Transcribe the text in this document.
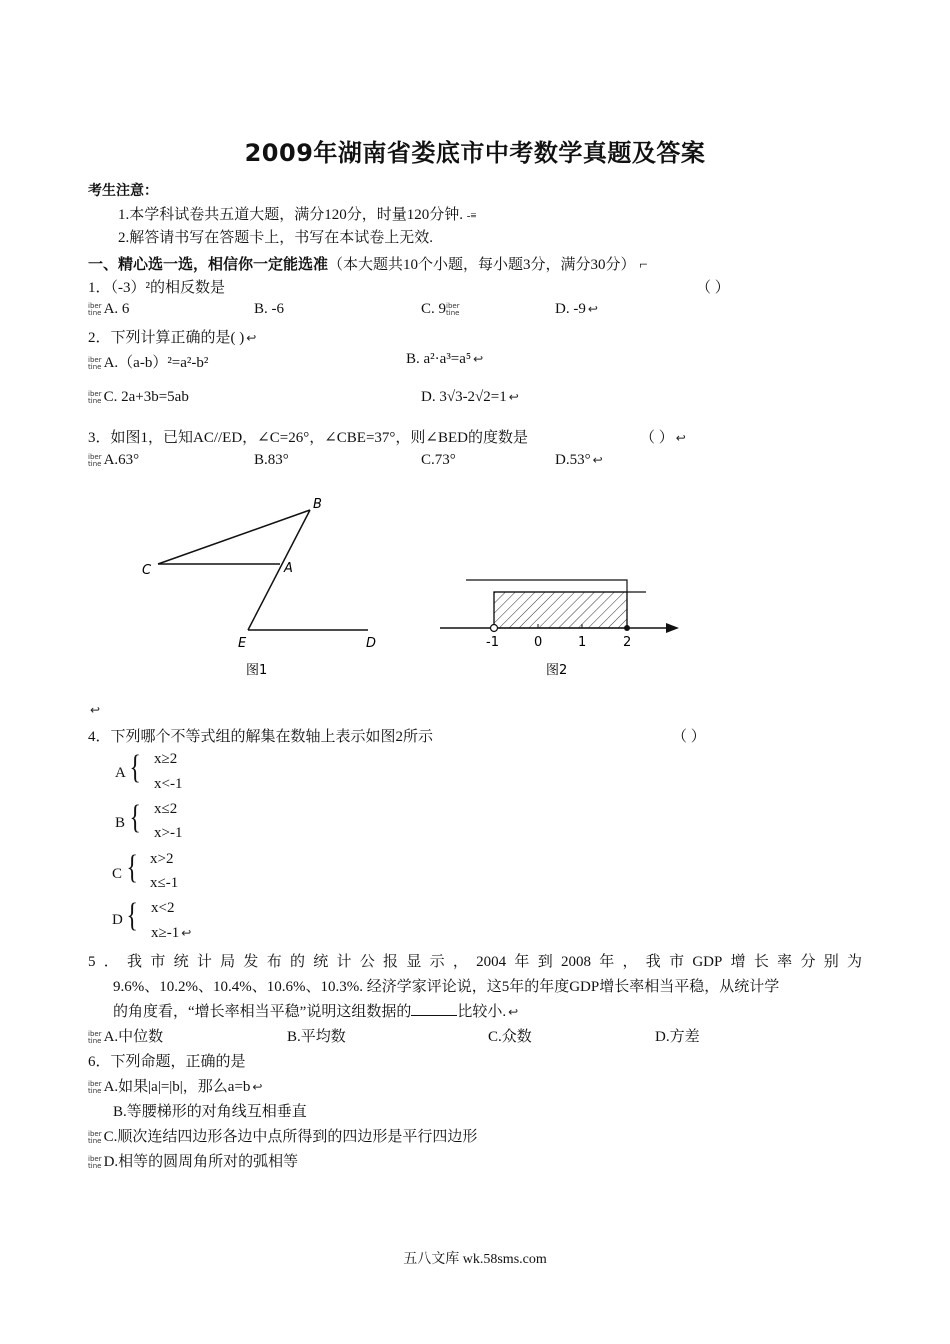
2009年湖南省娄底市中考数学真题及答案
考生注意：
1.本学科试卷共五道大题，满分120分，时量120分钟. -≡
2.解答请书写在答题卡上，书写在本试卷上无效.
一、精心选一选，相信你一定能选准（本大题共10个小题，每小题3分，满分30分） ⌐
1．（-3）²的相反数是	（ ）
iber
tine A. 6	B. -6	C. 9 iber
tine	D. -9 ↩
2．下列计算正确的是( ) ↩
iber
tine A.（a-b）²=a²-b²	B. a²·a³=a⁵ ↩
iber
tine C. 2a+3b=5ab	D. 3√3-2√2=1 ↩
3．如图1，已知AC//ED，∠C=26°，∠CBE=37°，则∠BED的度数是	（ ） ↩
iber
tine A.63°	B.83°	C.73°	D.53° ↩
B
C	A
E	D
图1
-1	0	1	2
图2
↩
4．下列哪个不等式组的解集在数轴上表示如图2所示	（ ）
A { x≥2
x<-1
B { x≤2
x>-1
C { x>2
x≤-1
D { x<2
x≥-1 ↩
5．我市统计局发布的统计公报显示，2004年到2008年，我市GDP增长率分别为
9.6%、10.2%、10.4%、10.6%、10.3%. 经济学家评论说，这5年的年度GDP增长率相当平稳，从统计学
的角度看，“增长率相当平稳”说明这组数据的	比较小. ↩
iber
tine A.中位数	B.平均数	C.众数	D.方差
6．下列命题，正确的是
iber
tine A.如果|a|=|b|，那么a=b ↩
B.等腰梯形的对角线互相垂直
iber
tine C.顺次连结四边形各边中点所得到的四边形是平行四边形
iber
tine D.相等的圆周角所对的弧相等
五八文库 wk.58sms.com
